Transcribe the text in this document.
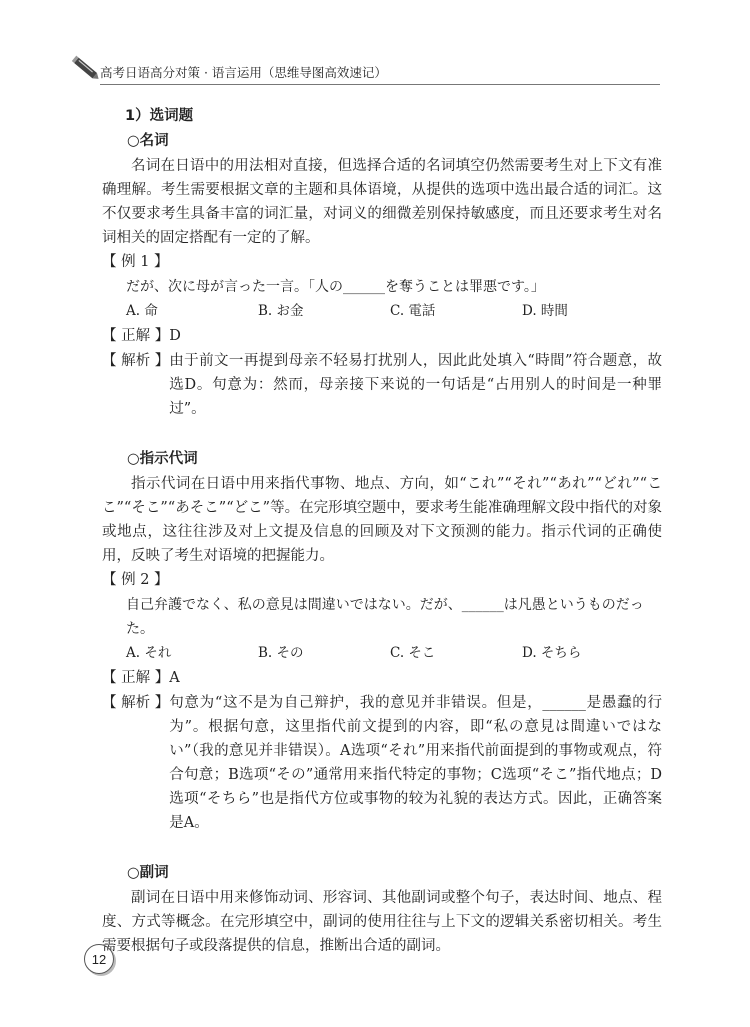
高考日语高分对策 · 语言运用（思维导图高效速记）
1）选词题
○名词
名词在日语中的用法相对直接，但选择合适的名词填空仍然需要考生对上下文有准确理解。考生需要根据文章的主题和具体语境，从提供的选项中选出最合适的词汇。这不仅要求考生具备丰富的词汇量，对词义的细微差别保持敏感度，而且还要求考生对名词相关的固定搭配有一定的了解。
【 例 1 】
だが、次に母が言った一言。「人の______を奪うことは罪悪です。」
A. 命	B. お金	C. 電話	D. 時間
【 正解 】D
【 解析 】 由于前文一再提到母亲不轻易打扰别人，因此此处填入“時間”符合题意，故选D。句意为：然而，母亲接下来说的一句话是“占用别人的时间是一种罪过”。
○指示代词
指示代词在日语中用来指代事物、地点、方向，如“これ”“それ”“あれ”“どれ”“ここ”“そこ”“あそこ”“どこ”等。在完形填空题中，要求考生能准确理解文段中指代的对象或地点，这往往涉及对上文提及信息的回顾及对下文预测的能力。指示代词的正确使用，反映了考生对语境的把握能力。
【 例 2 】
自己弁護でなく、私の意見は間違いではない。だが、______は凡愚というものだった。
A. それ	B. その	C. そこ	D. そちら
【 正解 】A
【 解析 】 句意为“这不是为自己辩护，我的意见并非错误。但是，______是愚蠢的行为”。根据句意，这里指代前文提到的内容，即“私の意見は間違いではない”（我的意见并非错误）。A选项“それ”用来指代前面提到的事物或观点，符合句意；B选项“その”通常用来指代特定的事物；C选项“そこ”指代地点；D选项“そちら”也是指代方位或事物的较为礼貌的表达方式。因此，正确答案是A。
○副词
副词在日语中用来修饰动词、形容词、其他副词或整个句子，表达时间、地点、程度、方式等概念。在完形填空中，副词的使用往往与上下文的逻辑关系密切相关。考生需要根据句子或段落提供的信息，推断出合适的副词。
12
